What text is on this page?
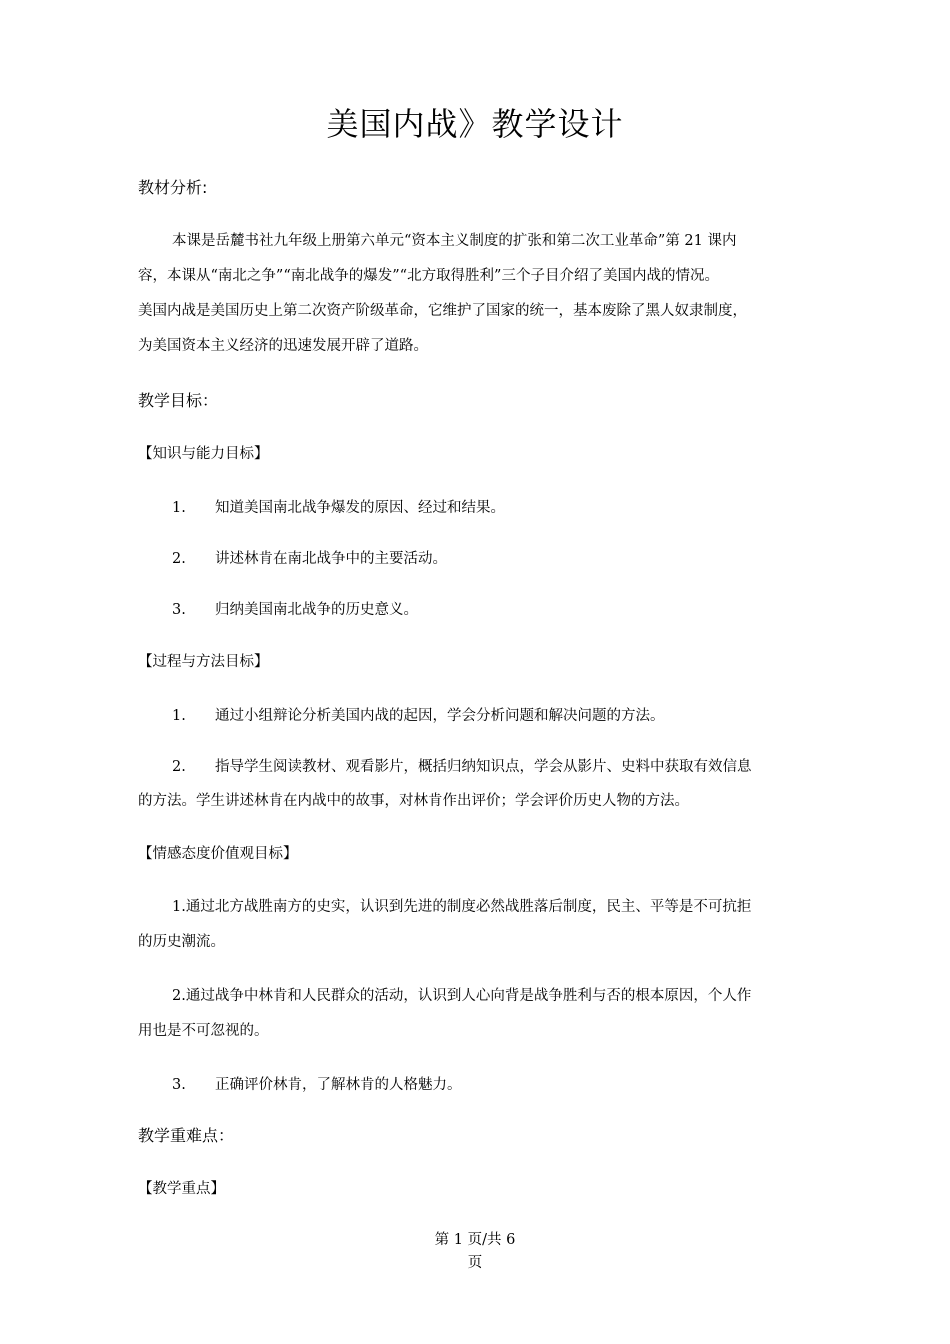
美国内战》教学设计
教材分析:
本课是岳麓书社九年级上册第六单元“资本主义制度的扩张和第二次工业革命”第 21 课内
容，本课从“南北之争”“南北战争的爆发”“北方取得胜利”三个子目介绍了美国内战的情况。
美国内战是美国历史上第二次资产阶级革命，它维护了国家的统一，基本废除了黑人奴隶制度，
为美国资本主义经济的迅速发展开辟了道路。
教学目标：
【知识与能力目标】
1. 知道美国南北战争爆发的原因、经过和结果。
2. 讲述林肯在南北战争中的主要活动。
3. 归纳美国南北战争的历史意义。
【过程与方法目标】
1. 通过小组辩论分析美国内战的起因，学会分析问题和解决问题的方法。
2. 指导学生阅读教材、观看影片，概括归纳知识点，学会从影片、史料中获取有效信息
的方法。学生讲述林肯在内战中的故事，对林肯作出评价；学会评价历史人物的方法。
【情感态度价值观目标】
1.通过北方战胜南方的史实，认识到先进的制度必然战胜落后制度，民主、平等是不可抗拒
的历史潮流。
2.通过战争中林肯和人民群众的活动，认识到人心向背是战争胜利与否的根本原因，个人作
用也是不可忽视的。
3. 正确评价林肯，了解林肯的人格魅力。
教学重难点：
【教学重点】
第 1 页/共 6
页
